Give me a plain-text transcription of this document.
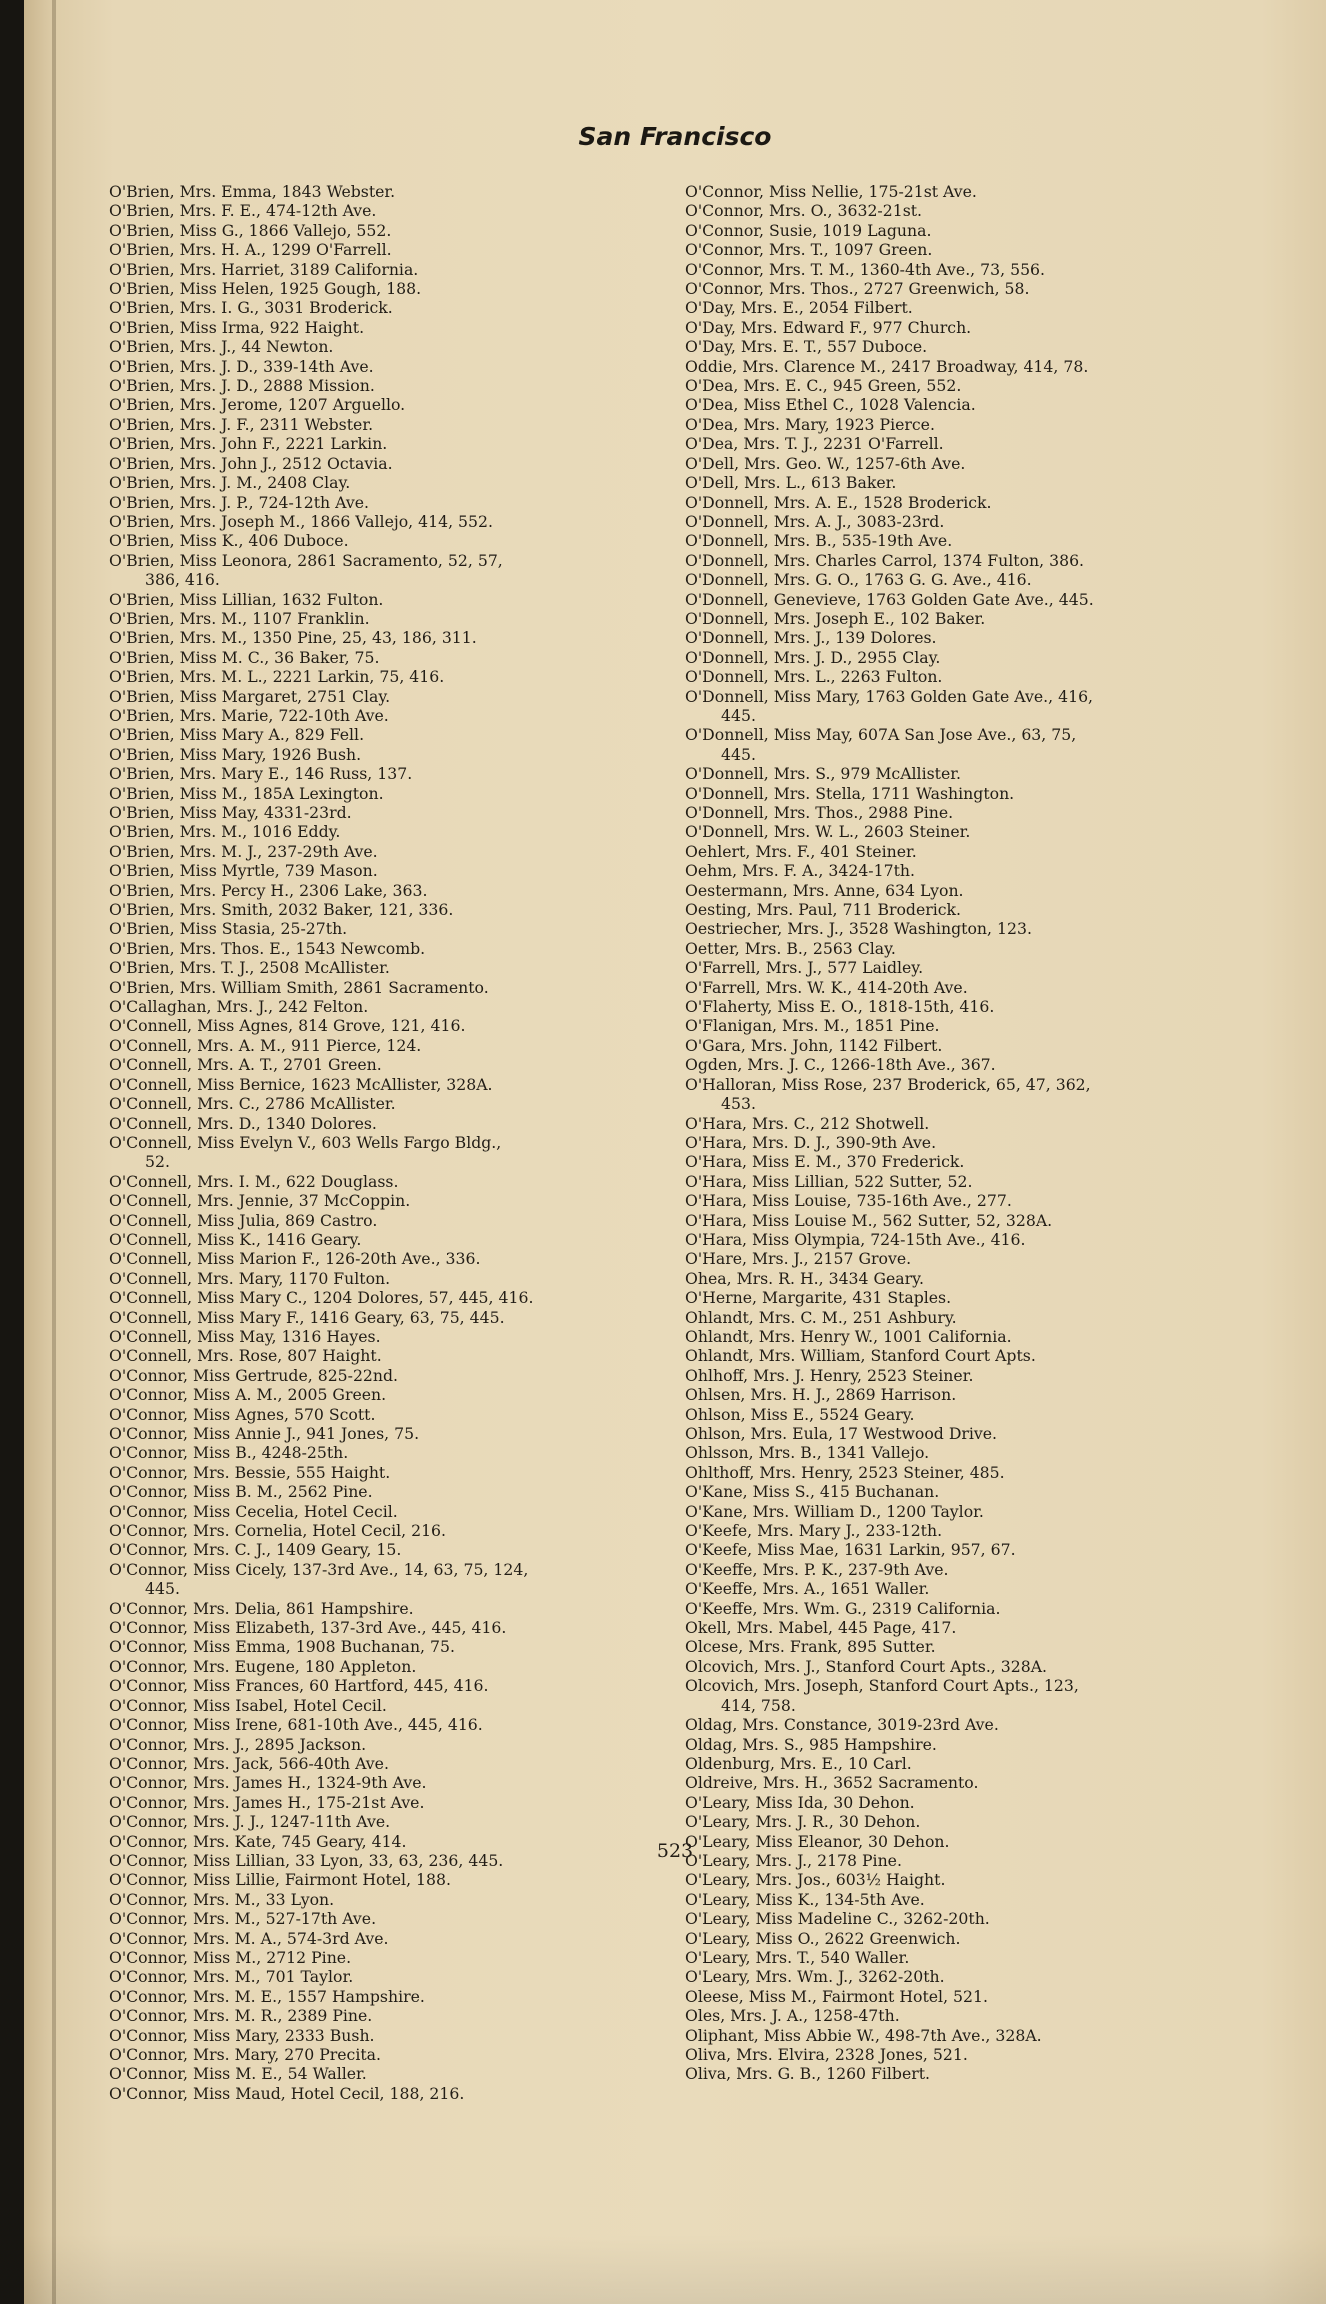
San Francisco
O'Brien, Mrs. Emma, 1843 Webster.
O'Brien, Mrs. F. E., 474-12th Ave.
O'Brien, Miss G., 1866 Vallejo, 552.
O'Brien, Mrs. H. A., 1299 O'Farrell.
O'Brien, Mrs. Harriet, 3189 California.
O'Brien, Miss Helen, 1925 Gough, 188.
O'Brien, Mrs. I. G., 3031 Broderick.
O'Brien, Miss Irma, 922 Haight.
O'Brien, Mrs. J., 44 Newton.
O'Brien, Mrs. J. D., 339-14th Ave.
O'Brien, Mrs. J. D., 2888 Mission.
O'Brien, Mrs. Jerome, 1207 Arguello.
O'Brien, Mrs. J. F., 2311 Webster.
O'Brien, Mrs. John F., 2221 Larkin.
O'Brien, Mrs. John J., 2512 Octavia.
O'Brien, Mrs. J. M., 2408 Clay.
O'Brien, Mrs. J. P., 724-12th Ave.
O'Brien, Mrs. Joseph M., 1866 Vallejo, 414, 552.
O'Brien, Miss K., 406 Duboce.
O'Brien, Miss Leonora, 2861 Sacramento, 52, 57,
386, 416.
O'Brien, Miss Lillian, 1632 Fulton.
O'Brien, Mrs. M., 1107 Franklin.
O'Brien, Mrs. M., 1350 Pine, 25, 43, 186, 311.
O'Brien, Miss M. C., 36 Baker, 75.
O'Brien, Mrs. M. L., 2221 Larkin, 75, 416.
O'Brien, Miss Margaret, 2751 Clay.
O'Brien, Mrs. Marie, 722-10th Ave.
O'Brien, Miss Mary A., 829 Fell.
O'Brien, Miss Mary, 1926 Bush.
O'Brien, Mrs. Mary E., 146 Russ, 137.
O'Brien, Miss M., 185A Lexington.
O'Brien, Miss May, 4331-23rd.
O'Brien, Mrs. M., 1016 Eddy.
O'Brien, Mrs. M. J., 237-29th Ave.
O'Brien, Miss Myrtle, 739 Mason.
O'Brien, Mrs. Percy H., 2306 Lake, 363.
O'Brien, Mrs. Smith, 2032 Baker, 121, 336.
O'Brien, Miss Stasia, 25-27th.
O'Brien, Mrs. Thos. E., 1543 Newcomb.
O'Brien, Mrs. T. J., 2508 McAllister.
O'Brien, Mrs. William Smith, 2861 Sacramento.
O'Callaghan, Mrs. J., 242 Felton.
O'Connell, Miss Agnes, 814 Grove, 121, 416.
O'Connell, Mrs. A. M., 911 Pierce, 124.
O'Connell, Mrs. A. T., 2701 Green.
O'Connell, Miss Bernice, 1623 McAllister, 328A.
O'Connell, Mrs. C., 2786 McAllister.
O'Connell, Mrs. D., 1340 Dolores.
O'Connell, Miss Evelyn V., 603 Wells Fargo Bldg.,
52.
O'Connell, Mrs. I. M., 622 Douglass.
O'Connell, Mrs. Jennie, 37 McCoppin.
O'Connell, Miss Julia, 869 Castro.
O'Connell, Miss K., 1416 Geary.
O'Connell, Miss Marion F., 126-20th Ave., 336.
O'Connell, Mrs. Mary, 1170 Fulton.
O'Connell, Miss Mary C., 1204 Dolores, 57, 445, 416.
O'Connell, Miss Mary F., 1416 Geary, 63, 75, 445.
O'Connell, Miss May, 1316 Hayes.
O'Connell, Mrs. Rose, 807 Haight.
O'Connor, Miss Gertrude, 825-22nd.
O'Connor, Miss A. M., 2005 Green.
O'Connor, Miss Agnes, 570 Scott.
O'Connor, Miss Annie J., 941 Jones, 75.
O'Connor, Miss B., 4248-25th.
O'Connor, Mrs. Bessie, 555 Haight.
O'Connor, Miss B. M., 2562 Pine.
O'Connor, Miss Cecelia, Hotel Cecil.
O'Connor, Mrs. Cornelia, Hotel Cecil, 216.
O'Connor, Mrs. C. J., 1409 Geary, 15.
O'Connor, Miss Cicely, 137-3rd Ave., 14, 63, 75, 124,
445.
O'Connor, Mrs. Delia, 861 Hampshire.
O'Connor, Miss Elizabeth, 137-3rd Ave., 445, 416.
O'Connor, Miss Emma, 1908 Buchanan, 75.
O'Connor, Mrs. Eugene, 180 Appleton.
O'Connor, Miss Frances, 60 Hartford, 445, 416.
O'Connor, Miss Isabel, Hotel Cecil.
O'Connor, Miss Irene, 681-10th Ave., 445, 416.
O'Connor, Mrs. J., 2895 Jackson.
O'Connor, Mrs. Jack, 566-40th Ave.
O'Connor, Mrs. James H., 1324-9th Ave.
O'Connor, Mrs. James H., 175-21st Ave.
O'Connor, Mrs. J. J., 1247-11th Ave.
O'Connor, Mrs. Kate, 745 Geary, 414.
O'Connor, Miss Lillian, 33 Lyon, 33, 63, 236, 445.
O'Connor, Miss Lillie, Fairmont Hotel, 188.
O'Connor, Mrs. M., 33 Lyon.
O'Connor, Mrs. M., 527-17th Ave.
O'Connor, Mrs. M. A., 574-3rd Ave.
O'Connor, Miss M., 2712 Pine.
O'Connor, Mrs. M., 701 Taylor.
O'Connor, Mrs. M. E., 1557 Hampshire.
O'Connor, Mrs. M. R., 2389 Pine.
O'Connor, Miss Mary, 2333 Bush.
O'Connor, Mrs. Mary, 270 Precita.
O'Connor, Miss M. E., 54 Waller.
O'Connor, Miss Maud, Hotel Cecil, 188, 216.
O'Connor, Miss Nellie, 175-21st Ave.
O'Connor, Mrs. O., 3632-21st.
O'Connor, Susie, 1019 Laguna.
O'Connor, Mrs. T., 1097 Green.
O'Connor, Mrs. T. M., 1360-4th Ave., 73, 556.
O'Connor, Mrs. Thos., 2727 Greenwich, 58.
O'Day, Mrs. E., 2054 Filbert.
O'Day, Mrs. Edward F., 977 Church.
O'Day, Mrs. E. T., 557 Duboce.
Oddie, Mrs. Clarence M., 2417 Broadway, 414, 78.
O'Dea, Mrs. E. C., 945 Green, 552.
O'Dea, Miss Ethel C., 1028 Valencia.
O'Dea, Mrs. Mary, 1923 Pierce.
O'Dea, Mrs. T. J., 2231 O'Farrell.
O'Dell, Mrs. Geo. W., 1257-6th Ave.
O'Dell, Mrs. L., 613 Baker.
O'Donnell, Mrs. A. E., 1528 Broderick.
O'Donnell, Mrs. A. J., 3083-23rd.
O'Donnell, Mrs. B., 535-19th Ave.
O'Donnell, Mrs. Charles Carrol, 1374 Fulton, 386.
O'Donnell, Mrs. G. O., 1763 G. G. Ave., 416.
O'Donnell, Genevieve, 1763 Golden Gate Ave., 445.
O'Donnell, Mrs. Joseph E., 102 Baker.
O'Donnell, Mrs. J., 139 Dolores.
O'Donnell, Mrs. J. D., 2955 Clay.
O'Donnell, Mrs. L., 2263 Fulton.
O'Donnell, Miss Mary, 1763 Golden Gate Ave., 416,
445.
O'Donnell, Miss May, 607A San Jose Ave., 63, 75,
445.
O'Donnell, Mrs. S., 979 McAllister.
O'Donnell, Mrs. Stella, 1711 Washington.
O'Donnell, Mrs. Thos., 2988 Pine.
O'Donnell, Mrs. W. L., 2603 Steiner.
Oehlert, Mrs. F., 401 Steiner.
Oehm, Mrs. F. A., 3424-17th.
Oestermann, Mrs. Anne, 634 Lyon.
Oesting, Mrs. Paul, 711 Broderick.
Oestriecher, Mrs. J., 3528 Washington, 123.
Oetter, Mrs. B., 2563 Clay.
O'Farrell, Mrs. J., 577 Laidley.
O'Farrell, Mrs. W. K., 414-20th Ave.
O'Flaherty, Miss E. O., 1818-15th, 416.
O'Flanigan, Mrs. M., 1851 Pine.
O'Gara, Mrs. John, 1142 Filbert.
Ogden, Mrs. J. C., 1266-18th Ave., 367.
O'Halloran, Miss Rose, 237 Broderick, 65, 47, 362,
453.
O'Hara, Mrs. C., 212 Shotwell.
O'Hara, Mrs. D. J., 390-9th Ave.
O'Hara, Miss E. M., 370 Frederick.
O'Hara, Miss Lillian, 522 Sutter, 52.
O'Hara, Miss Louise, 735-16th Ave., 277.
O'Hara, Miss Louise M., 562 Sutter, 52, 328A.
O'Hara, Miss Olympia, 724-15th Ave., 416.
O'Hare, Mrs. J., 2157 Grove.
Ohea, Mrs. R. H., 3434 Geary.
O'Herne, Margarite, 431 Staples.
Ohlandt, Mrs. C. M., 251 Ashbury.
Ohlandt, Mrs. Henry W., 1001 California.
Ohlandt, Mrs. William, Stanford Court Apts.
Ohlhoff, Mrs. J. Henry, 2523 Steiner.
Ohlsen, Mrs. H. J., 2869 Harrison.
Ohlson, Miss E., 5524 Geary.
Ohlson, Mrs. Eula, 17 Westwood Drive.
Ohlsson, Mrs. B., 1341 Vallejo.
Ohlthoff, Mrs. Henry, 2523 Steiner, 485.
O'Kane, Miss S., 415 Buchanan.
O'Kane, Mrs. William D., 1200 Taylor.
O'Keefe, Mrs. Mary J., 233-12th.
O'Keefe, Miss Mae, 1631 Larkin, 957, 67.
O'Keeffe, Mrs. P. K., 237-9th Ave.
O'Keeffe, Mrs. A., 1651 Waller.
O'Keeffe, Mrs. Wm. G., 2319 California.
Okell, Mrs. Mabel, 445 Page, 417.
Olcese, Mrs. Frank, 895 Sutter.
Olcovich, Mrs. J., Stanford Court Apts., 328A.
Olcovich, Mrs. Joseph, Stanford Court Apts., 123,
414, 758.
Oldag, Mrs. Constance, 3019-23rd Ave.
Oldag, Mrs. S., 985 Hampshire.
Oldenburg, Mrs. E., 10 Carl.
Oldreive, Mrs. H., 3652 Sacramento.
O'Leary, Miss Ida, 30 Dehon.
O'Leary, Mrs. J. R., 30 Dehon.
O'Leary, Miss Eleanor, 30 Dehon.
O'Leary, Mrs. J., 2178 Pine.
O'Leary, Mrs. Jos., 603½ Haight.
O'Leary, Miss K., 134-5th Ave.
O'Leary, Miss Madeline C., 3262-20th.
O'Leary, Miss O., 2622 Greenwich.
O'Leary, Mrs. T., 540 Waller.
O'Leary, Mrs. Wm. J., 3262-20th.
Oleese, Miss M., Fairmont Hotel, 521.
Oles, Mrs. J. A., 1258-47th.
Oliphant, Miss Abbie W., 498-7th Ave., 328A.
Oliva, Mrs. Elvira, 2328 Jones, 521.
Oliva, Mrs. G. B., 1260 Filbert.
523
